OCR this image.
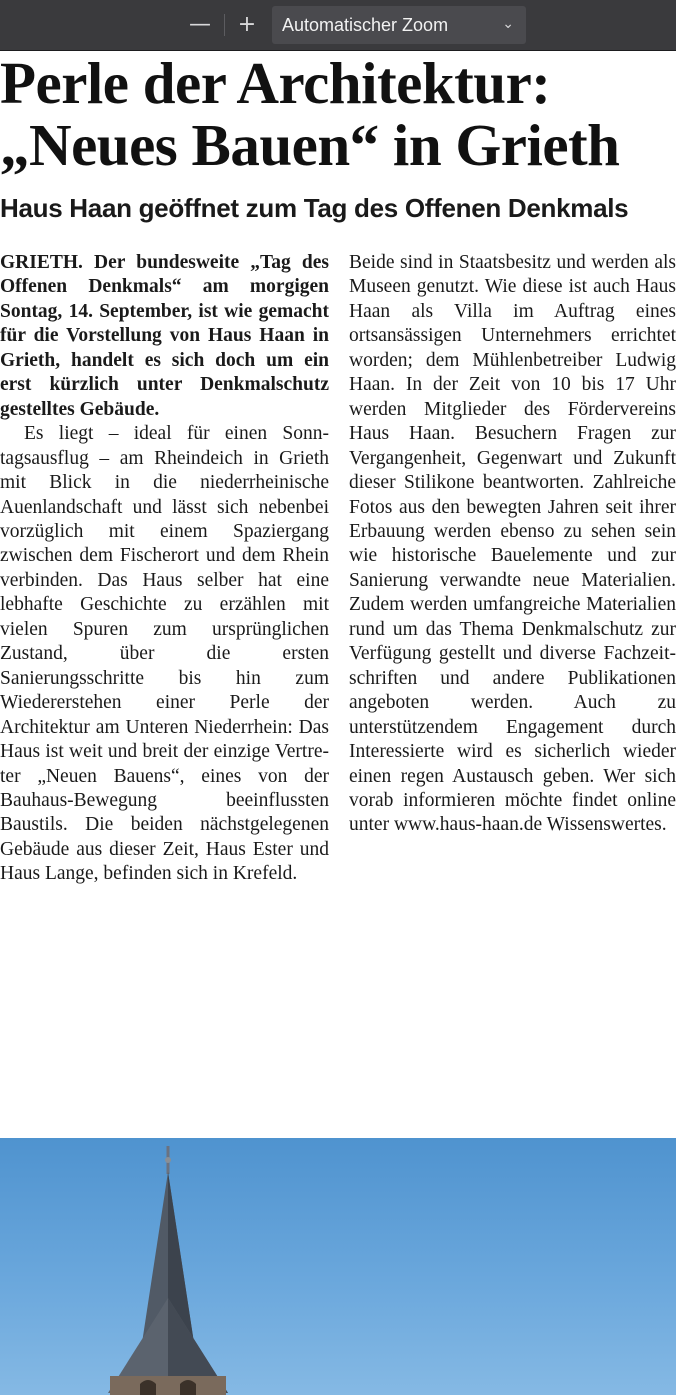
— +	Automatischer Zoom	⌄
Perle der Architektur:
„Neues Bauen“ in Grieth
Haus Haan geöffnet zum Tag des Offenen Denkmals

GRIETH. Der bundesweite „Tag des Offenen Denkmals“ am morgigen Sontag, 14. September, ist wie gemacht für die Vorstellung von Haus Haan in Grieth, handelt es sich doch um ein erst kürzlich unter Denkmalschutz gestelltes Gebäude.

Es liegt – ideal für einen Sonntagsausflug – am Rheindeich in Grieth mit Blick in die niederrheinische Auenlandschaft und lässt sich nebenbei vorzüglich mit einem Spaziergang zwischen dem Fischerort und dem Rhein verbinden. Das Haus selber hat eine lebhafte Geschichte zu erzählen mit vielen Spuren zum ursprünglichen Zustand, über die ersten Sanierungsschritte bis hin zum Wiedererstehen einer Perle der Architektur am Unteren Niederrhein: Das Haus ist weit und breit der einzige Vertreter „Neuen Bauens“, eines von der Bauhaus-Bewegung beeinflussten Baustils. Die beiden nächstgelegenen Gebäude aus dieser Zeit, Haus Ester und Haus Lange, befinden sich in Krefeld.

Beide sind in Staatsbesitz und werden als Museen genutzt. Wie diese ist auch Haus Haan als Villa im Auftrag eines ortsansässigen Unternehmers errichtet worden; dem Mühlenbetreiber Ludwig Haan. In der Zeit von 10 bis 17 Uhr werden Mitglieder des Fördervereins Haus Haan. Besuchern Fragen zur Vergangenheit, Gegenwart und Zukunft dieser Stilikone beantworten. Zahlreiche Fotos aus den bewegten Jahren seit ihrer Erbauung werden ebenso zu sehen sein wie historische Bauelemente und zur Sanierung verwandte neue Materialien. Zudem werden umfangreiche Materialien rund um das Thema Denkmalschutz zur Verfügung gestellt und diverse Fachzeitschriften und andere Publikationen angeboten werden. Auch zu unterstützendem Engagement durch Interessierte wird es sicherlich wieder einen regen Austausch geben. Wer sich vorab informieren möchte findet online unter www.haus-haan.de Wissenswertes.
